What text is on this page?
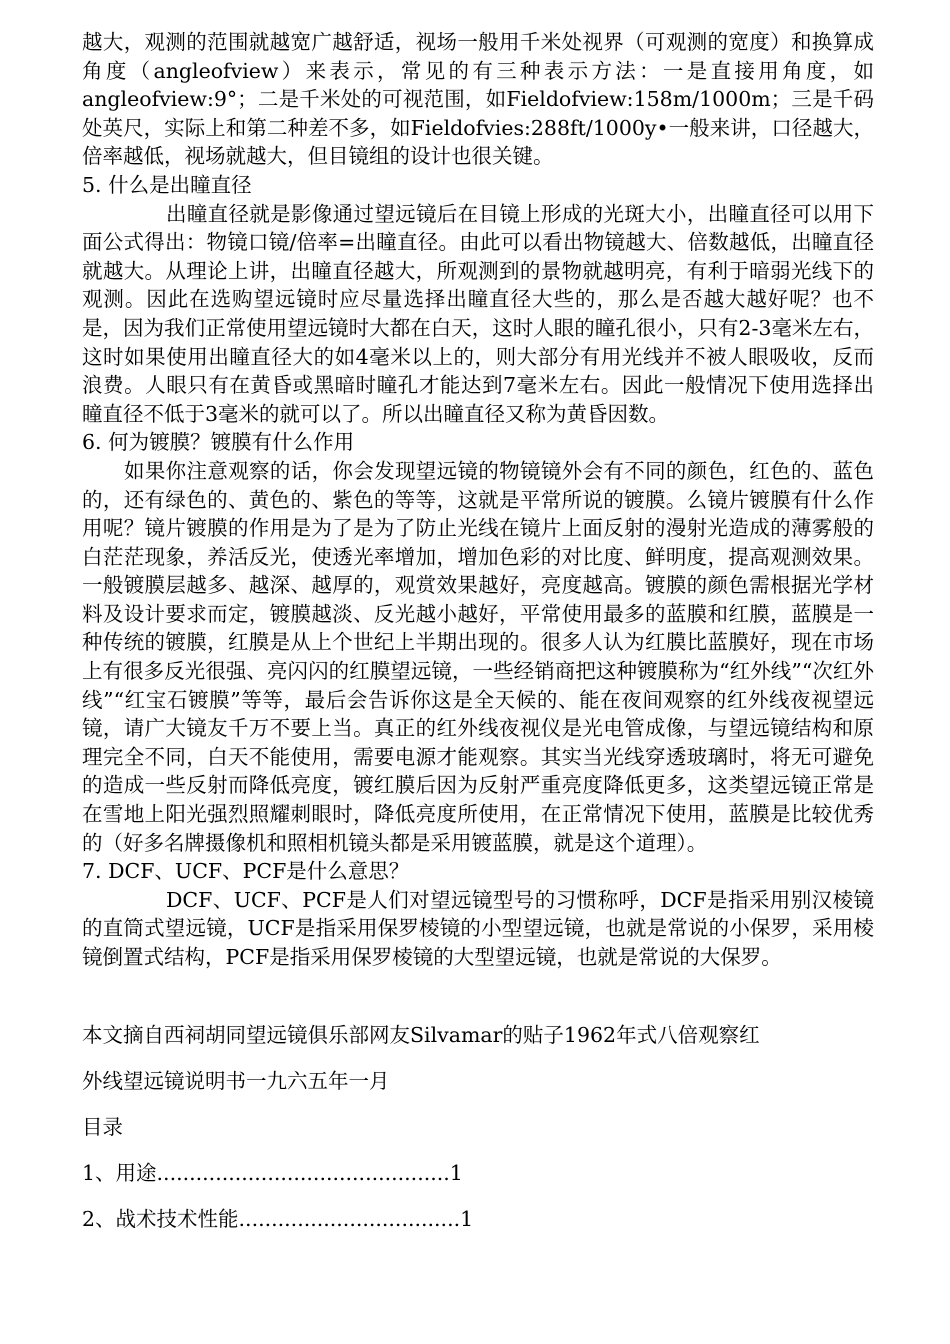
越大，观测的范围就越宽广越舒适，视场一般用千米处视界（可观测的宽度）和换算成角度（angleofview）来表示，常见的有三种表示方法：一是直接用角度，如angleofview:9°；二是千米处的可视范围，如Fieldofview:158m/1000m；三是千码处英尺，实际上和第二种差不多，如Fieldofvies:288ft/1000y•一般来讲，口径越大，倍率越低，视场就越大，但目镜组的设计也很关键。

5. 什么是出瞳直径

出瞳直径就是影像通过望远镜后在目镜上形成的光斑大小，出瞳直径可以用下面公式得出：物镜口镜/倍率=出瞳直径。由此可以看出物镜越大、倍数越低，出瞳直径就越大。从理论上讲，出瞳直径越大，所观测到的景物就越明亮，有利于暗弱光线下的观测。因此在选购望远镜时应尽量选择出瞳直径大些的，那么是否越大越好呢？也不是，因为我们正常使用望远镜时大都在白天，这时人眼的瞳孔很小，只有2-3毫米左右，这时如果使用出瞳直径大的如4毫米以上的，则大部分有用光线并不被人眼吸收，反而浪费。人眼只有在黄昏或黑暗时瞳孔才能达到7毫米左右。因此一般情况下使用选择出瞳直径不低于3毫米的就可以了。所以出瞳直径又称为黄昏因数。

6. 何为镀膜？镀膜有什么作用

如果你注意观察的话，你会发现望远镜的物镜镜外会有不同的颜色，红色的、蓝色的，还有绿色的、黄色的、紫色的等等，这就是平常所说的镀膜。么镜片镀膜有什么作用呢？镜片镀膜的作用是为了是为了防止光线在镜片上面反射的漫射光造成的薄雾般的白茫茫现象，养活反光，使透光率增加，增加色彩的对比度、鲜明度，提高观测效果。一般镀膜层越多、越深、越厚的，观赏效果越好，亮度越高。镀膜的颜色需根据光学材料及设计要求而定，镀膜越淡、反光越小越好，平常使用最多的蓝膜和红膜，蓝膜是一种传统的镀膜，红膜是从上个世纪上半期出现的。很多人认为红膜比蓝膜好，现在市场上有很多反光很强、亮闪闪的红膜望远镜，一些经销商把这种镀膜称为“红外线”“次红外线”“红宝石镀膜”等等，最后会告诉你这是全天候的、能在夜间观察的红外线夜视望远镜，请广大镜友千万不要上当。真正的红外线夜视仪是光电管成像，与望远镜结构和原理完全不同，白天不能使用，需要电源才能观察。其实当光线穿透玻璃时，将无可避免的造成一些反射而降低亮度，镀红膜后因为反射严重亮度降低更多，这类望远镜正常是在雪地上阳光强烈照耀刺眼时，降低亮度所使用，在正常情况下使用，蓝膜是比较优秀的（好多名牌摄像机和照相机镜头都是采用镀蓝膜，就是这个道理）。

7. DCF、UCF、PCF是什么意思？

DCF、UCF、PCF是人们对望远镜型号的习惯称呼，DCF是指采用别汉棱镜的直筒式望远镜，UCF是指采用保罗棱镜的小型望远镜，也就是常说的小保罗，采用棱镜倒置式结构，PCF是指采用保罗棱镜的大型望远镜，也就是常说的大保罗。

本文摘自西祠胡同望远镜俱乐部网友Silvamar的贴子1962年式八倍观察红

外线望远镜说明书一九六五年一月

目录

1、用途.............................................1

2、战术技术性能..................................1
